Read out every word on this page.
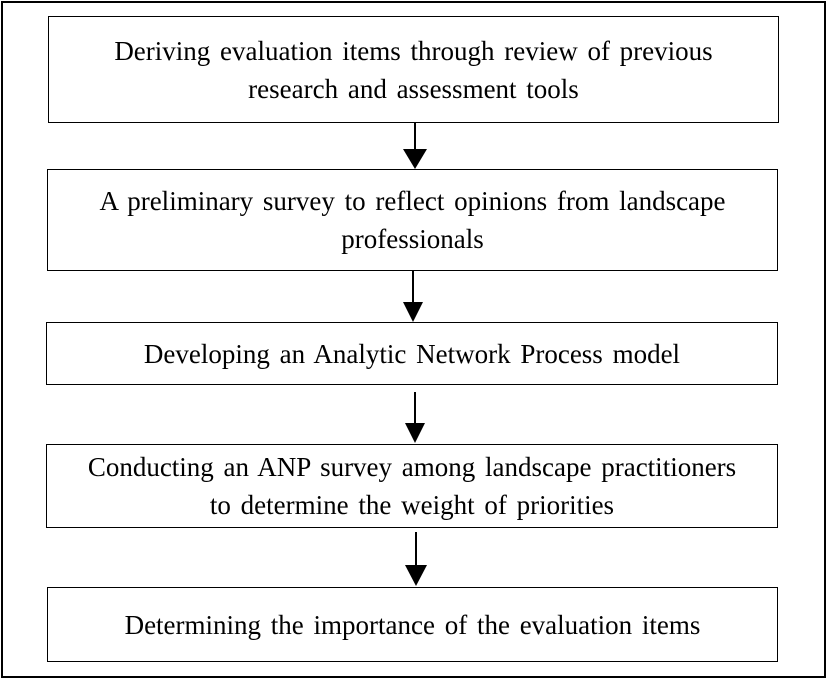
Deriving evaluation items through review of previous
research and assessment tools
A preliminary survey to reflect opinions from landscape
professionals
Developing an Analytic Network Process model
Conducting an ANP survey among landscape practitioners
to determine the weight of priorities
Determining the importance of the evaluation items
